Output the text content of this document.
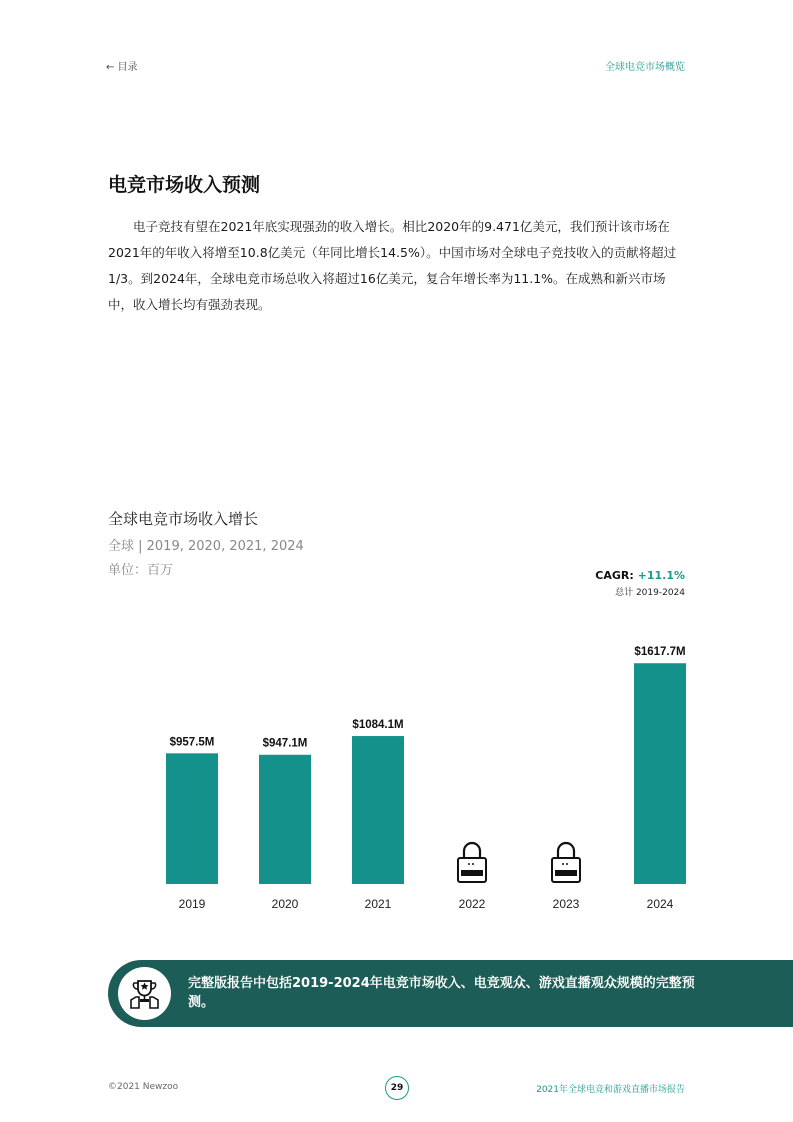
← 目录	全球电竞市场概览
电竞市场收入预测

电子竞技有望在2021年底实现强劲的收入增长。相比2020年的9.471亿美元，我们预计该市场在2021年的年收入将增至10.8亿美元（年同比增长14.5%）。中国市场对全球电子竞技收入的贡献将超过1/3。到2024年，全球电竞市场总收入将超过16亿美元，复合年增长率为11.1%。在成熟和新兴市场中，收入增长均有强劲表现。

全球电竞市场收入增长
全球 | 2019, 2020, 2021, 2024
单位：百万	CAGR: +11.1%
总计 2019-2024
2019
$957.5M
2020
$947.1M
2021
$1084.1M
2022	2023	2024
$1617.7M
完整版报告中包括2019-2024年电竞市场收入、电竞观众、游戏直播观众规模的完整预测。
©2021 Newzoo	29	2021年全球电竞和游戏直播市场报告
